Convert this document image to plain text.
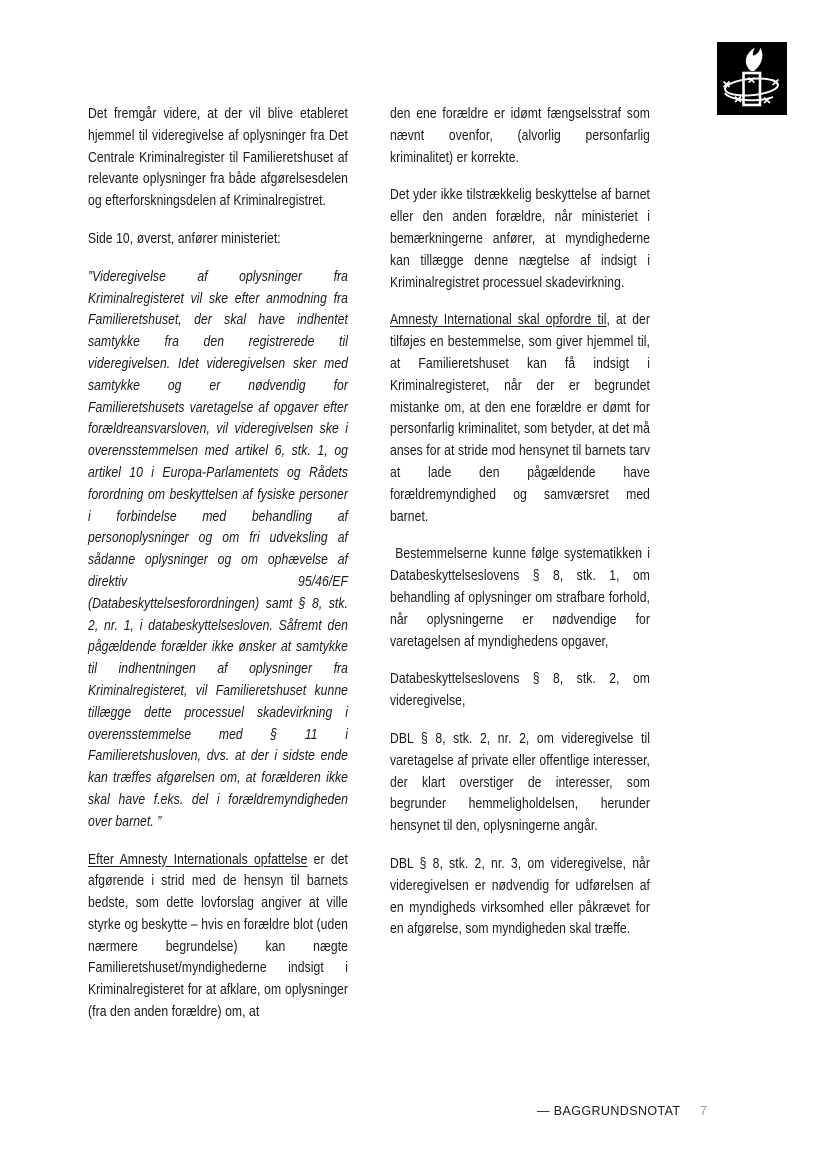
Det fremgår videre, at der vil blive etableret hjemmel til videregivelse af oplysninger fra Det Centrale Kriminalregister til Familieretshuset af relevante oplysninger fra både afgørelsesdelen og efterforskningsdelen af Kriminalregistret.

Side 10, øverst, anfører ministeriet:

”Videregivelse af oplysninger fra Kriminalregisteret vil ske efter anmodning fra Familieretshuset, der skal have indhentet samtykke fra den registrerede til videregivelsen. Idet videregivelsen sker med samtykke og er nødvendig for Familieretshusets varetagelse af opgaver efter forældreansvarsloven, vil videregivelsen ske i overensstemmelsen med artikel 6, stk. 1, og artikel 10 i Europa-Parlamentets og Rådets forordning om beskyttelsen af fysiske personer i forbindelse med behandling af personoplysninger og om fri udveksling af sådanne oplysninger og om ophævelse af direktiv 95/46/EF (Databeskyttelsesforordningen) samt § 8, stk. 2, nr. 1, i databeskyttelsesloven. Såfremt den pågældende forælder ikke ønsker at samtykke til indhentningen af oplysninger fra Kriminalregisteret, vil Familieretshuset kunne tillægge dette processuel skadevirkning i overensstemmelse med § 11 i Familieretshusloven, dvs. at der i sidste ende kan træffes afgørelsen om, at forælderen ikke skal have f.eks. del i forældremyndigheden over barnet. ”

Efter Amnesty Internationals opfattelse er det afgørende i strid med de hensyn til barnets bedste, som dette lovforslag angiver at ville styrke og beskytte – hvis en forældre blot (uden nærmere begrundelse) kan nægte Familieretshuset/myndighederne indsigt i Kriminalregisteret for at afklare, om oplysninger (fra den anden forældre) om, at

den ene forældre er idømt fængselsstraf som nævnt ovenfor, (alvorlig personfarlig kriminalitet) er korrekte.

Det yder ikke tilstrækkelig beskyttelse af barnet eller den anden forældre, når ministeriet i bemærkningerne anfører, at myndighederne kan tillægge denne nægtelse af indsigt i Kriminalregistret processuel skadevirkning.

Amnesty International skal opfordre til, at der tilføjes en bestemmelse, som giver hjemmel til, at Familieretshuset kan få indsigt i Kriminalregisteret, når der er begrundet mistanke om, at den ene forældre er dømt for personfarlig kriminalitet, som betyder, at det må anses for at stride mod hensynet til barnets tarv at lade den pågældende have forældremyndighed og samværsret med barnet.

Bestemmelserne kunne følge systematikken i Databeskyttelseslovens § 8, stk. 1, om behandling af oplysninger om strafbare forhold, når oplysningerne er nødvendige for varetagelsen af myndighedens opgaver,

Databeskyttelseslovens § 8, stk. 2, om videregivelse,

DBL § 8, stk. 2, nr. 2, om videregivelse til varetagelse af private eller offentlige interesser, der klart overstiger de interesser, som begrunder hemmeligholdelsen, herunder hensynet til den, oplysningerne angår.

DBL § 8, stk. 2, nr. 3, om videregivelse, når videregivelsen er nødvendig for udførelsen af en myndigheds virksomhed eller påkrævet for en afgørelse, som myndigheden skal træffe.

— BAGGRUNDSNOTAT 7
